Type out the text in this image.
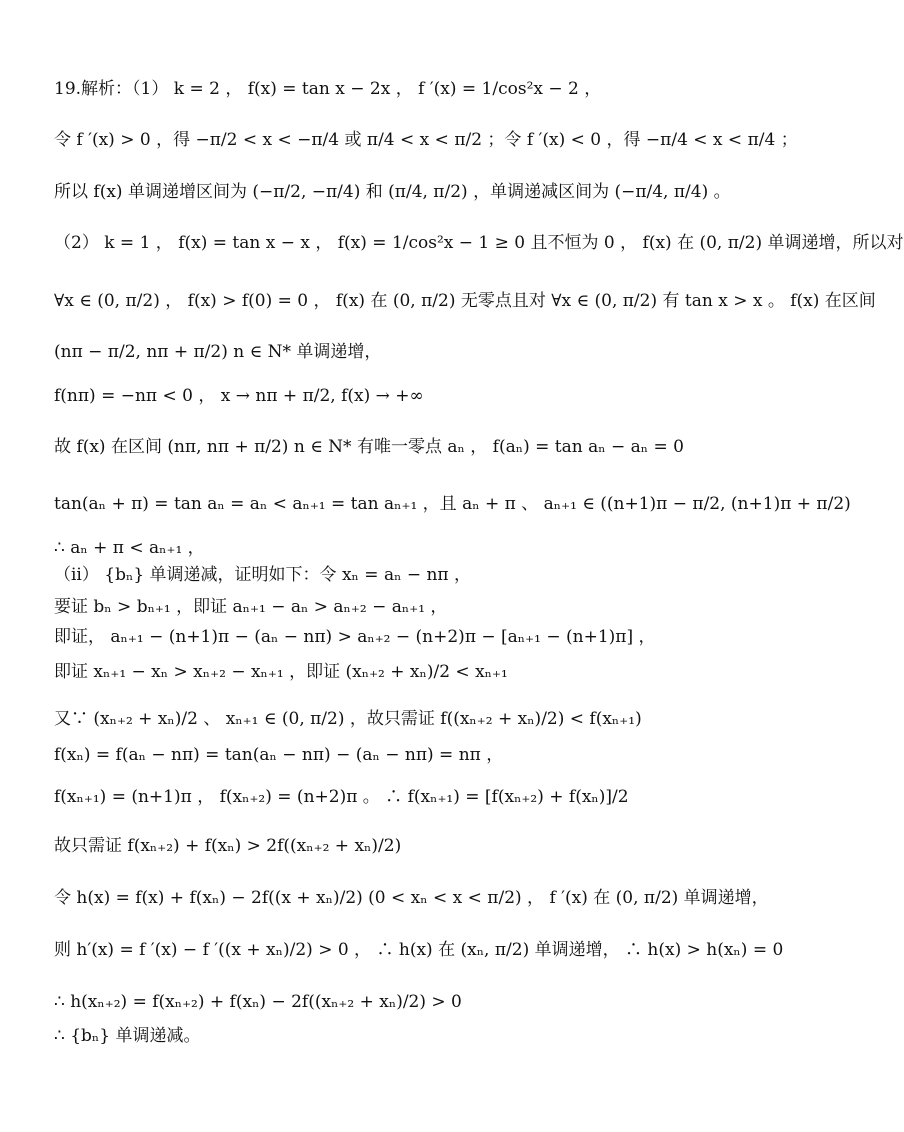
19.解析：（1） k = 2 ， f(x) = tan x − 2x ， f ′(x) = 1/cos²x − 2 ，
令 f ′(x) > 0 ，得 −π/2 < x < −π/4 或 π/4 < x < π/2 ；令 f ′(x) < 0 ，得 −π/4 < x < π/4 ；
所以 f(x) 单调递增区间为 (−π/2, −π/4) 和 (π/4, π/2) ，单调递减区间为 (−π/4, π/4) 。
（2） k = 1 ， f(x) = tan x − x ， f(x) = 1/cos²x − 1 ≥ 0 且不恒为 0 ， f(x) 在 (0, π/2) 单调递增，所以对
∀x ∈ (0, π/2) ， f(x) > f(0) = 0 ， f(x) 在 (0, π/2) 无零点且对 ∀x ∈ (0, π/2) 有 tan x > x 。 f(x) 在区间
(nπ − π/2, nπ + π/2) n ∈ N* 单调递增，
f(nπ) = −nπ < 0 ， x → nπ + π/2, f(x) → +∞
故 f(x) 在区间 (nπ, nπ + π/2) n ∈ N* 有唯一零点 aₙ ， f(aₙ) = tan aₙ − aₙ = 0
tan(aₙ + π) = tan aₙ = aₙ < aₙ₊₁ = tan aₙ₊₁ ，且 aₙ + π 、 aₙ₊₁ ∈ ((n+1)π − π/2, (n+1)π + π/2)
∴ aₙ + π < aₙ₊₁ ，
（ii） {bₙ} 单调递减，证明如下：令 xₙ = aₙ − nπ ，
要证 bₙ > bₙ₊₁ ，即证 aₙ₊₁ − aₙ > aₙ₊₂ − aₙ₊₁ ，
即证， aₙ₊₁ − (n+1)π − (aₙ − nπ) > aₙ₊₂ − (n+2)π − [aₙ₊₁ − (n+1)π] ，
即证 xₙ₊₁ − xₙ > xₙ₊₂ − xₙ₊₁ ，即证 (xₙ₊₂ + xₙ)/2 < xₙ₊₁
又∵ (xₙ₊₂ + xₙ)/2 、 xₙ₊₁ ∈ (0, π/2) ，故只需证 f((xₙ₊₂ + xₙ)/2) < f(xₙ₊₁)
f(xₙ) = f(aₙ − nπ) = tan(aₙ − nπ) − (aₙ − nπ) = nπ ，
f(xₙ₊₁) = (n+1)π ， f(xₙ₊₂) = (n+2)π 。 ∴ f(xₙ₊₁) = [f(xₙ₊₂) + f(xₙ)]/2
故只需证 f(xₙ₊₂) + f(xₙ) > 2f((xₙ₊₂ + xₙ)/2)
令 h(x) = f(x) + f(xₙ) − 2f((x + xₙ)/2) (0 < xₙ < x < π/2) ， f ′(x) 在 (0, π/2) 单调递增，
则 h′(x) = f ′(x) − f ′((x + xₙ)/2) > 0 ， ∴ h(x) 在 (xₙ, π/2) 单调递增， ∴ h(x) > h(xₙ) = 0
∴ h(xₙ₊₂) = f(xₙ₊₂) + f(xₙ) − 2f((xₙ₊₂ + xₙ)/2) > 0
∴ {bₙ} 单调递减。
